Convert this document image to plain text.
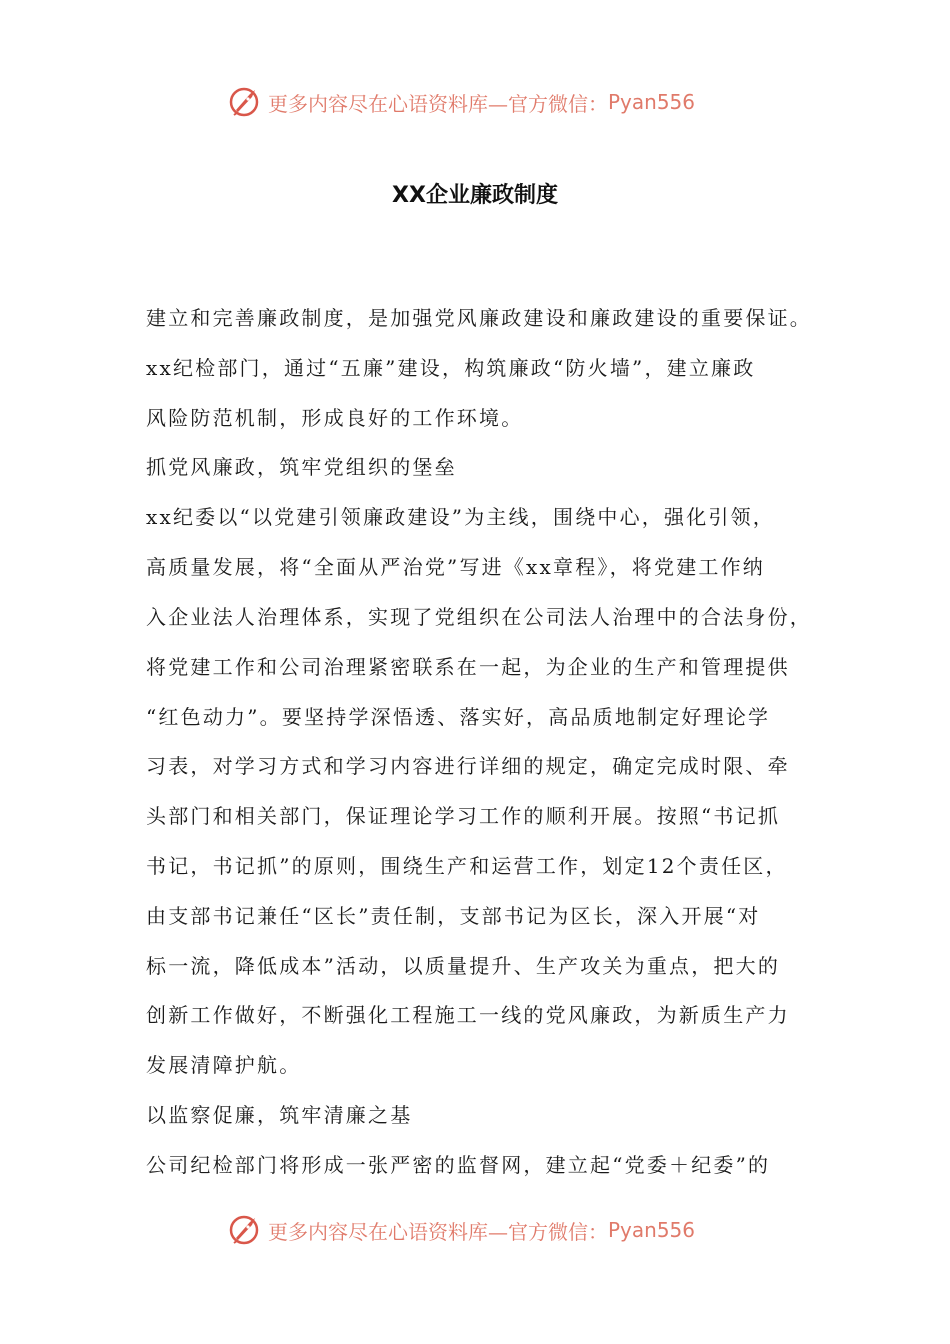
更多内容尽在心语资料库—官方微信： Pyan556
XX企业廉政制度
建立和完善廉政制度，是加强党风廉政建设和廉政建设的重要保证。
xx纪检部门，通过“五廉”建设，构筑廉政“防火墙”，建立廉政
风险防范机制，形成良好的工作环境。
抓党风廉政，筑牢党组织的堡垒
xx纪委以“以党建引领廉政建设”为主线，围绕中心，强化引领，
高质量发展，将“全面从严治党”写进《xx章程》，将党建工作纳
入企业法人治理体系，实现了党组织在公司法人治理中的合法身份，
将党建工作和公司治理紧密联系在一起，为企业的生产和管理提供
“红色动力”。要坚持学深悟透、落实好，高品质地制定好理论学
习表，对学习方式和学习内容进行详细的规定，确定完成时限、牵
头部门和相关部门，保证理论学习工作的顺利开展。按照“书记抓
书记，书记抓”的原则，围绕生产和运营工作，划定12个责任区，
由支部书记兼任“区长”责任制，支部书记为区长，深入开展“对
标一流，降低成本”活动，以质量提升、生产攻关为重点，把大的
创新工作做好，不断强化工程施工一线的党风廉政，为新质生产力
发展清障护航。
以监察促廉，筑牢清廉之基
公司纪检部门将形成一张严密的监督网，建立起“党委＋纪委”的
更多内容尽在心语资料库—官方微信： Pyan556
